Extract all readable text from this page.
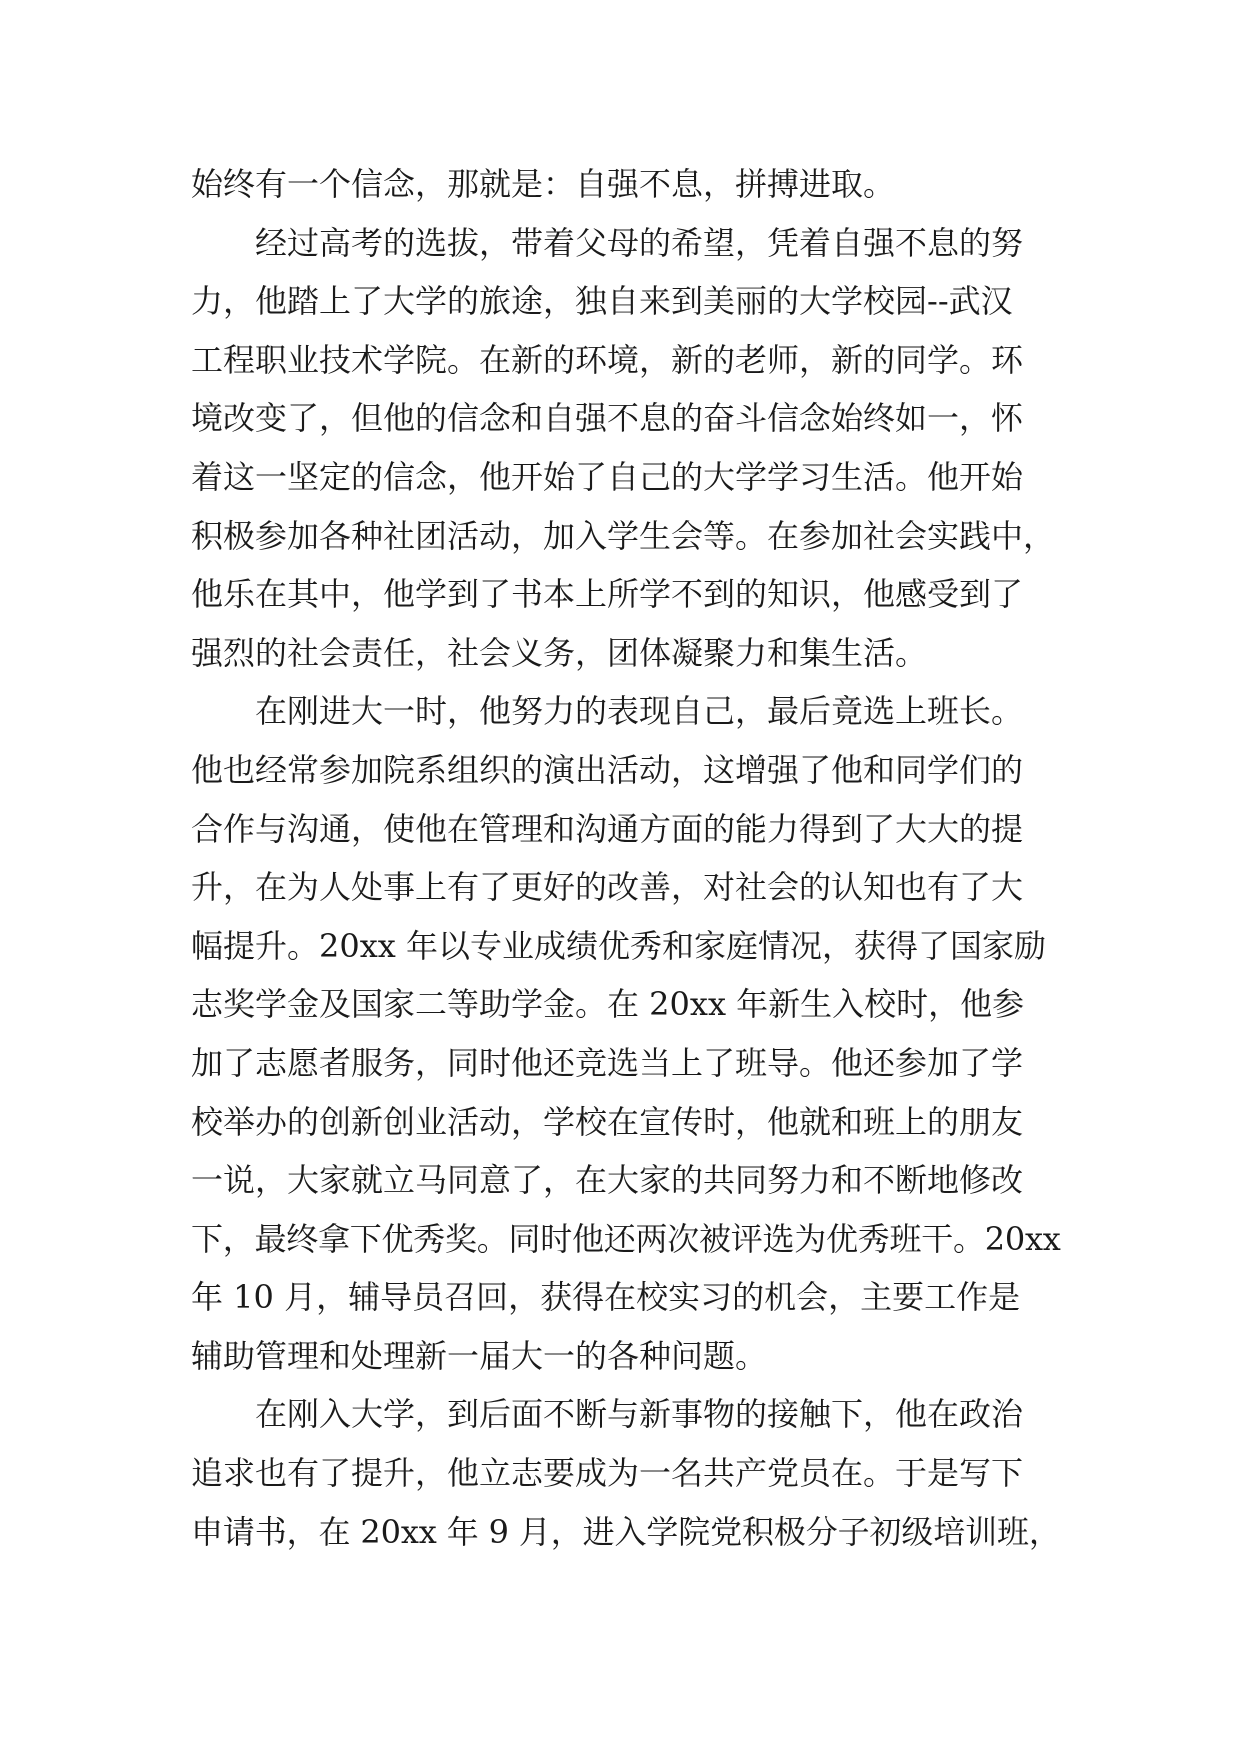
始终有一个信念，那就是：自强不息，拼搏进取。
经过高考的选拔，带着父母的希望，凭着自强不息的努
力，他踏上了大学的旅途，独自来到美丽的大学校园--武汉
工程职业技术学院。在新的环境，新的老师，新的同学。环
境改变了，但他的信念和自强不息的奋斗信念始终如一，怀
着这一坚定的信念，他开始了自己的大学学习生活。他开始
积极参加各种社团活动，加入学生会等。在参加社会实践中，
他乐在其中，他学到了书本上所学不到的知识，他感受到了
强烈的社会责任，社会义务，团体凝聚力和集生活。
在刚进大一时，他努力的表现自己，最后竟选上班长。
他也经常参加院系组织的演出活动，这增强了他和同学们的
合作与沟通，使他在管理和沟通方面的能力得到了大大的提
升，在为人处事上有了更好的改善，对社会的认知也有了大
幅提升。20xx 年以专业成绩优秀和家庭情况，获得了国家励
志奖学金及国家二等助学金。在 20xx 年新生入校时，他参
加了志愿者服务，同时他还竞选当上了班导。他还参加了学
校举办的创新创业活动，学校在宣传时，他就和班上的朋友
一说，大家就立马同意了，在大家的共同努力和不断地修改
下，最终拿下优秀奖。同时他还两次被评选为优秀班干。20xx
年 10 月，辅导员召回，获得在校实习的机会，主要工作是
辅助管理和处理新一届大一的各种问题。
在刚入大学，到后面不断与新事物的接触下，他在政治
追求也有了提升，他立志要成为一名共产党员在。于是写下
申请书，在 20xx 年 9 月，进入学院党积极分子初级培训班，
